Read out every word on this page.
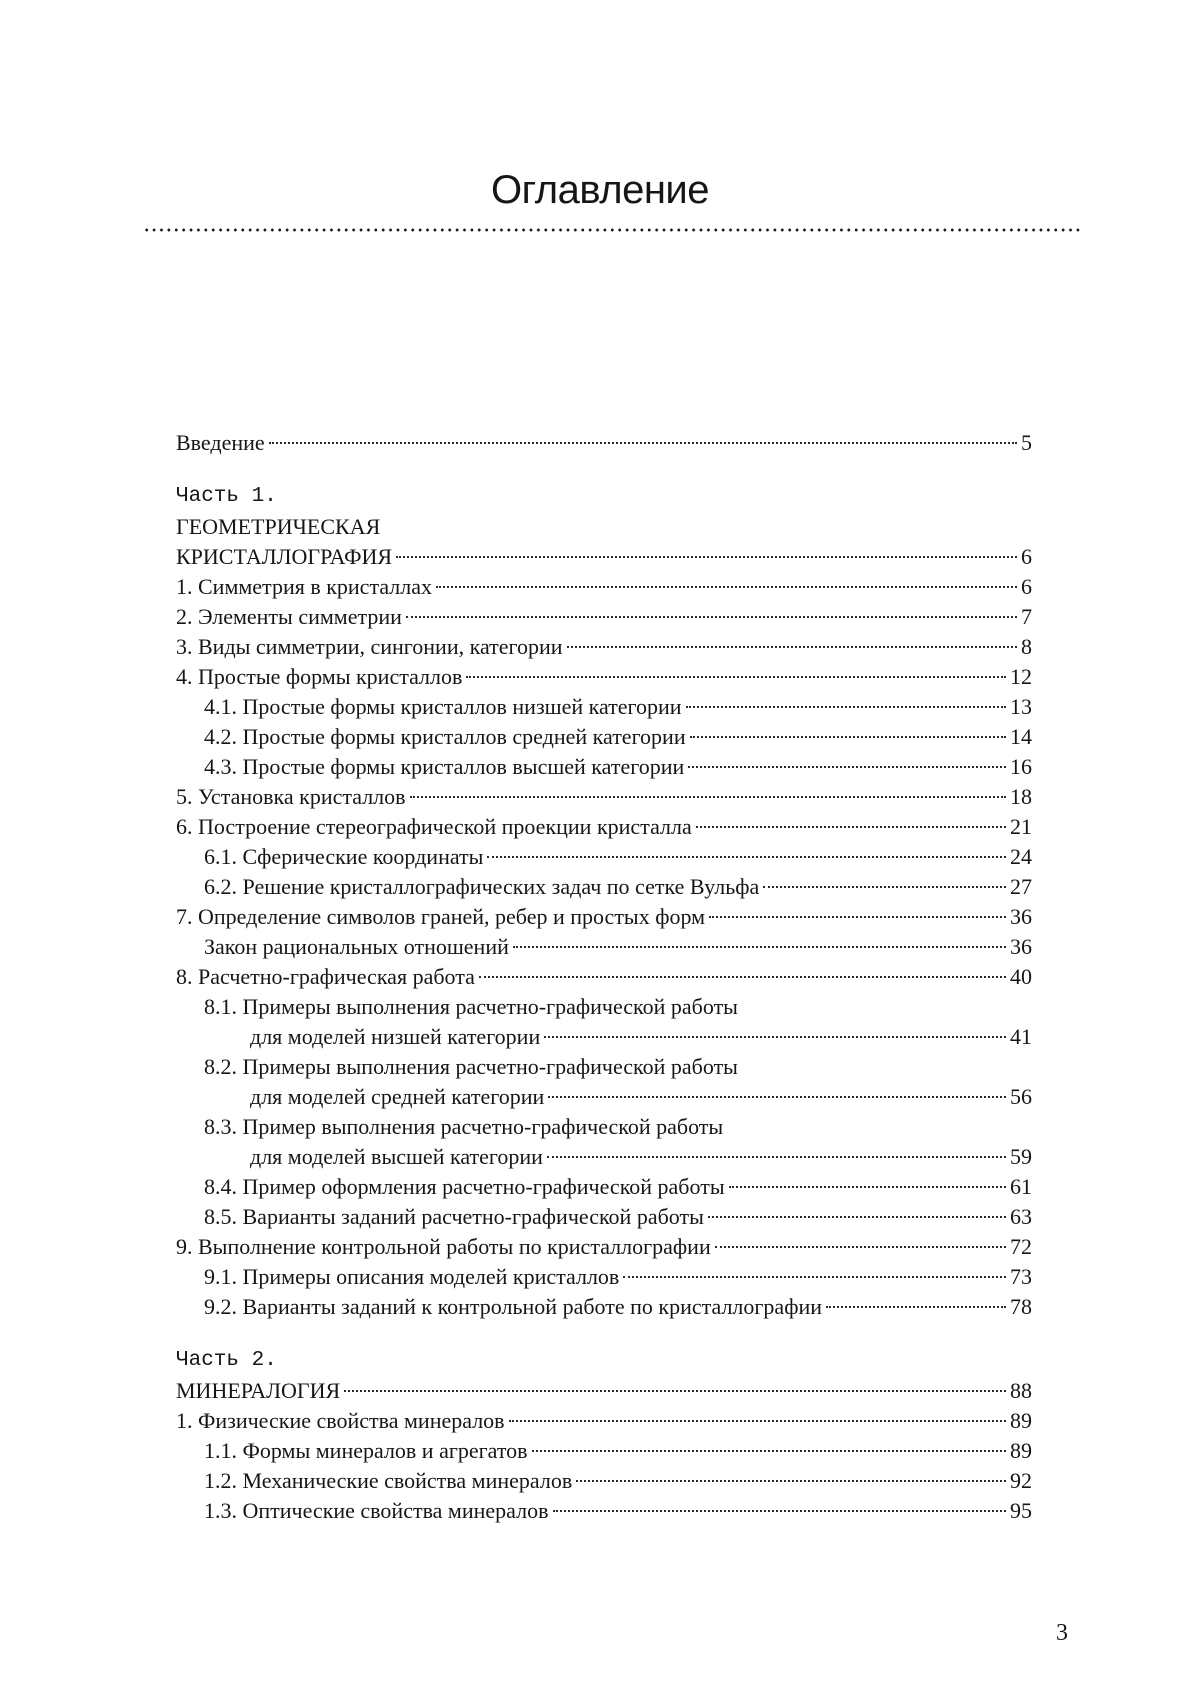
Оглавление
Введение	5
Часть 1.
ГЕОМЕТРИЧЕСКАЯ
КРИСТАЛЛОГРАФИЯ	6
1. Симметрия в кристаллах	6
2. Элементы симметрии	7
3. Виды симметрии, сингонии, категории	8
4. Простые формы кристаллов	12
4.1. Простые формы кристаллов низшей категории	13
4.2. Простые формы кристаллов средней категории	14
4.3. Простые формы кристаллов высшей категории	16
5. Установка кристаллов	18
6. Построение стереографической проекции кристалла	21
6.1. Сферические координаты	24
6.2. Решение кристаллографических задач по сетке Вульфа	27
7. Определение символов граней, ребер и простых форм	36
Закон рациональных отношений	36
8. Расчетно-графическая работа	40
8.1. Примеры выполнения расчетно-графической работы
для моделей низшей категории	41
8.2. Примеры выполнения расчетно-графической работы
для моделей средней категории	56
8.3. Пример выполнения расчетно-графической работы
для моделей высшей категории	59
8.4. Пример оформления расчетно-графической работы	61
8.5. Варианты заданий расчетно-графической работы	63
9. Выполнение контрольной работы по кристаллографии	72
9.1. Примеры описания моделей кристаллов	73
9.2. Варианты заданий к контрольной работе по кристаллографии	78
Часть 2.
МИНЕРАЛОГИЯ	88
1. Физические свойства минералов	89
1.1. Формы минералов и агрегатов	89
1.2. Механические свойства минералов	92
1.3. Оптические свойства минералов	95
3
